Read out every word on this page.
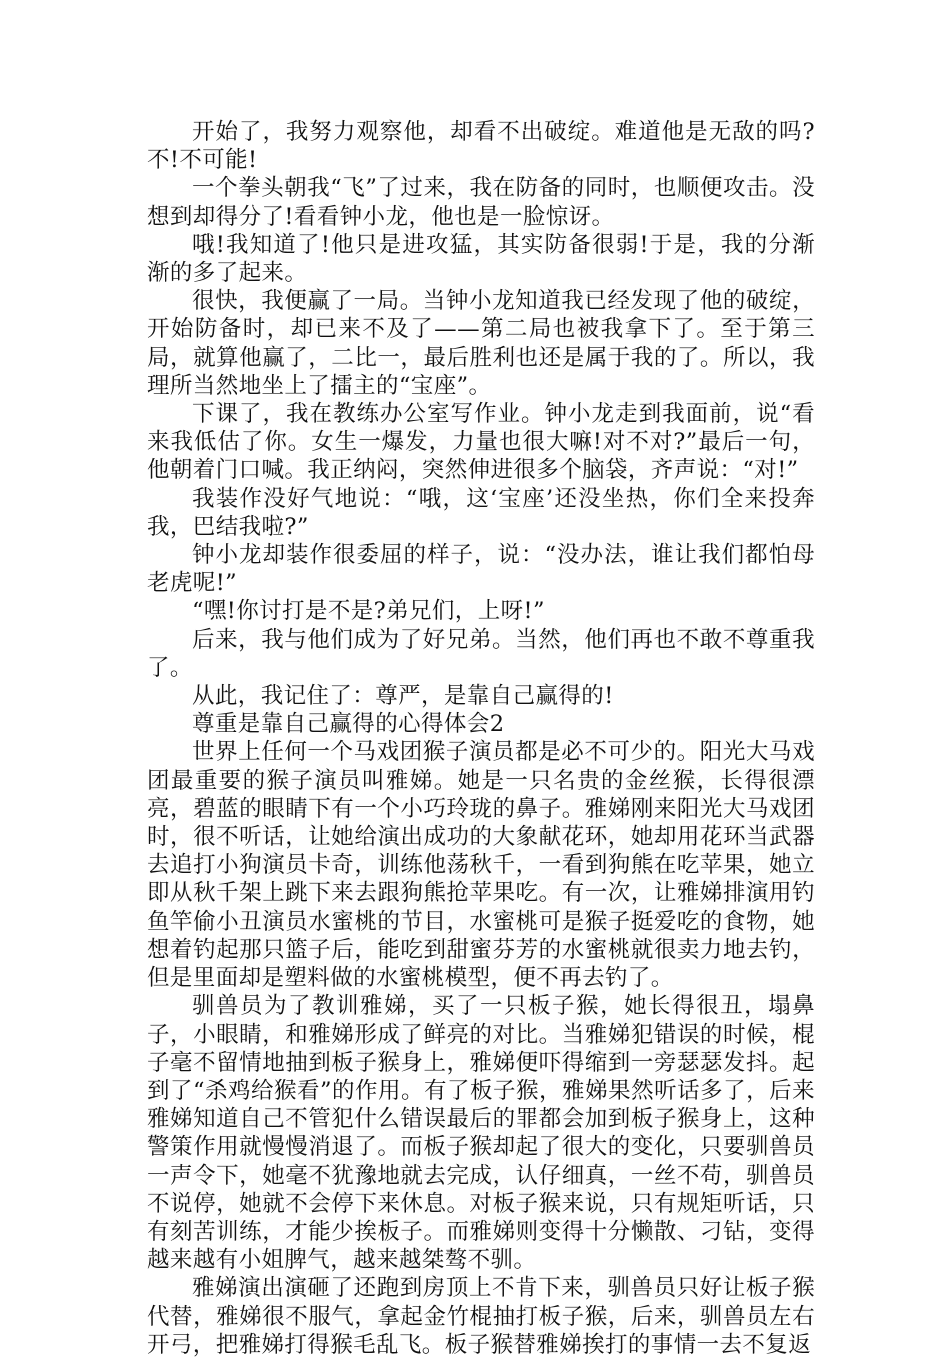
开始了，我努力观察他，却看不出破绽。难道他是无敌的吗?不!不可能!

一个拳头朝我“飞”了过来，我在防备的同时，也顺便攻击。没想到却得分了!看看钟小龙，他也是一脸惊讶。

哦!我知道了!他只是进攻猛，其实防备很弱!于是，我的分渐渐的多了起来。

很快，我便赢了一局。当钟小龙知道我已经发现了他的破绽，开始防备时，却已来不及了——第二局也被我拿下了。至于第三局，就算他赢了，二比一，最后胜利也还是属于我的了。所以，我理所当然地坐上了擂主的“宝座”。

下课了，我在教练办公室写作业。钟小龙走到我面前，说“看来我低估了你。女生一爆发，力量也很大嘛!对不对?”最后一句，他朝着门口喊。我正纳闷，突然伸进很多个脑袋，齐声说：“对!”

我装作没好气地说：“哦，这‘宝座’还没坐热，你们全来投奔我，巴结我啦?”

钟小龙却装作很委屈的样子，说：“没办法，谁让我们都怕母老虎呢!”

“嘿!你讨打是不是?弟兄们，上呀!”

后来，我与他们成为了好兄弟。当然，他们再也不敢不尊重我了。

从此，我记住了：尊严，是靠自己赢得的!

尊重是靠自己赢得的心得体会2

世界上任何一个马戏团猴子演员都是必不可少的。阳光大马戏团最重要的猴子演员叫雅娣。她是一只名贵的金丝猴，长得很漂亮，碧蓝的眼睛下有一个小巧玲珑的鼻子。雅娣刚来阳光大马戏团时，很不听话，让她给演出成功的大象献花环，她却用花环当武器去追打小狗演员卡奇，训练他荡秋千，一看到狗熊在吃苹果，她立即从秋千架上跳下来去跟狗熊抢苹果吃。有一次，让雅娣排演用钓鱼竿偷小丑演员水蜜桃的节目，水蜜桃可是猴子挺爱吃的食物，她想着钓起那只篮子后，能吃到甜蜜芬芳的水蜜桃就很卖力地去钓，但是里面却是塑料做的水蜜桃模型，便不再去钓了。

驯兽员为了教训雅娣，买了一只板子猴，她长得很丑，塌鼻子，小眼睛，和雅娣形成了鲜亮的对比。当雅娣犯错误的时候，棍子毫不留情地抽到板子猴身上，雅娣便吓得缩到一旁瑟瑟发抖。起到了“杀鸡给猴看”的作用。有了板子猴，雅娣果然听话多了，后来雅娣知道自己不管犯什么错误最后的罪都会加到板子猴身上，这种警策作用就慢慢消退了。而板子猴却起了很大的变化，只要驯兽员一声令下，她毫不犹豫地就去完成，认仔细真，一丝不苟，驯兽员不说停，她就不会停下来休息。对板子猴来说，只有规矩听话，只有刻苦训练，才能少挨板子。而雅娣则变得十分懒散、刁钻，变得越来越有小姐脾气，越来越桀骜不驯。

雅娣演出演砸了还跑到房顶上不肯下来，驯兽员只好让板子猴代替，雅娣很不服气，拿起金竹棍抽打板子猴，后来，驯兽员左右开弓，把雅娣打得猴毛乱飞。板子猴替雅娣挨打的事情一去不复返
